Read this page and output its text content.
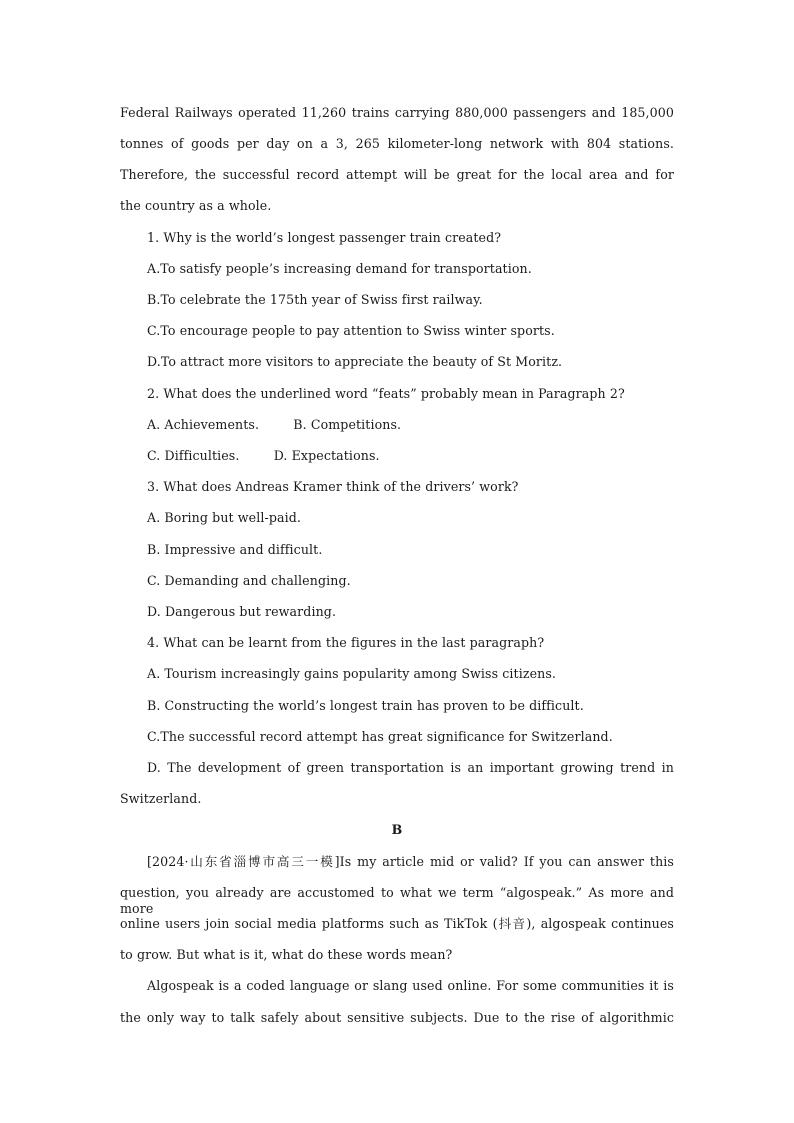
Federal Railways operated 11,260 trains carrying 880,000 passengers and 185,000
tonnes of goods per day on a 3, 265 kilometer-long network with 804 stations.
Therefore, the successful record attempt will be great for the local area and for
the country as a whole.
1. Why is the world’s longest passenger train created?
A.To satisfy people’s increasing demand for transportation.
B.To celebrate the 175th year of Swiss first railway.
C.To encourage people to pay attention to Swiss winter sports.
D.To attract more visitors to appreciate the beauty of St Moritz.
2. What does the underlined word “feats” probably mean in Paragraph 2?
A. Achievements.	B. Competitions.
C. Difficulties.	D. Expectations.
3. What does Andreas Kramer think of the drivers’ work?
A. Boring but well-paid.
B. Impressive and difficult.
C. Demanding and challenging.
D. Dangerous but rewarding.
4. What can be learnt from the figures in the last paragraph?
A. Tourism increasingly gains popularity among Swiss citizens.
B. Constructing the world’s longest train has proven to be difficult.
C.The successful record attempt has great significance for Switzerland.
D. The development of green transportation is an important growing trend in
Switzerland.
B
[2024·山东省淄博市高三一模]Is my article mid or valid? If you can answer this
question, you already are accustomed to what we term “algospeak.” As more and more
online users join social media platforms such as TikTok (抖音), algospeak continues
to grow. But what is it, what do these words mean?
Algospeak is a coded language or slang used online. For some communities it is
the only way to talk safely about sensitive subjects. Due to the rise of algorithmic
